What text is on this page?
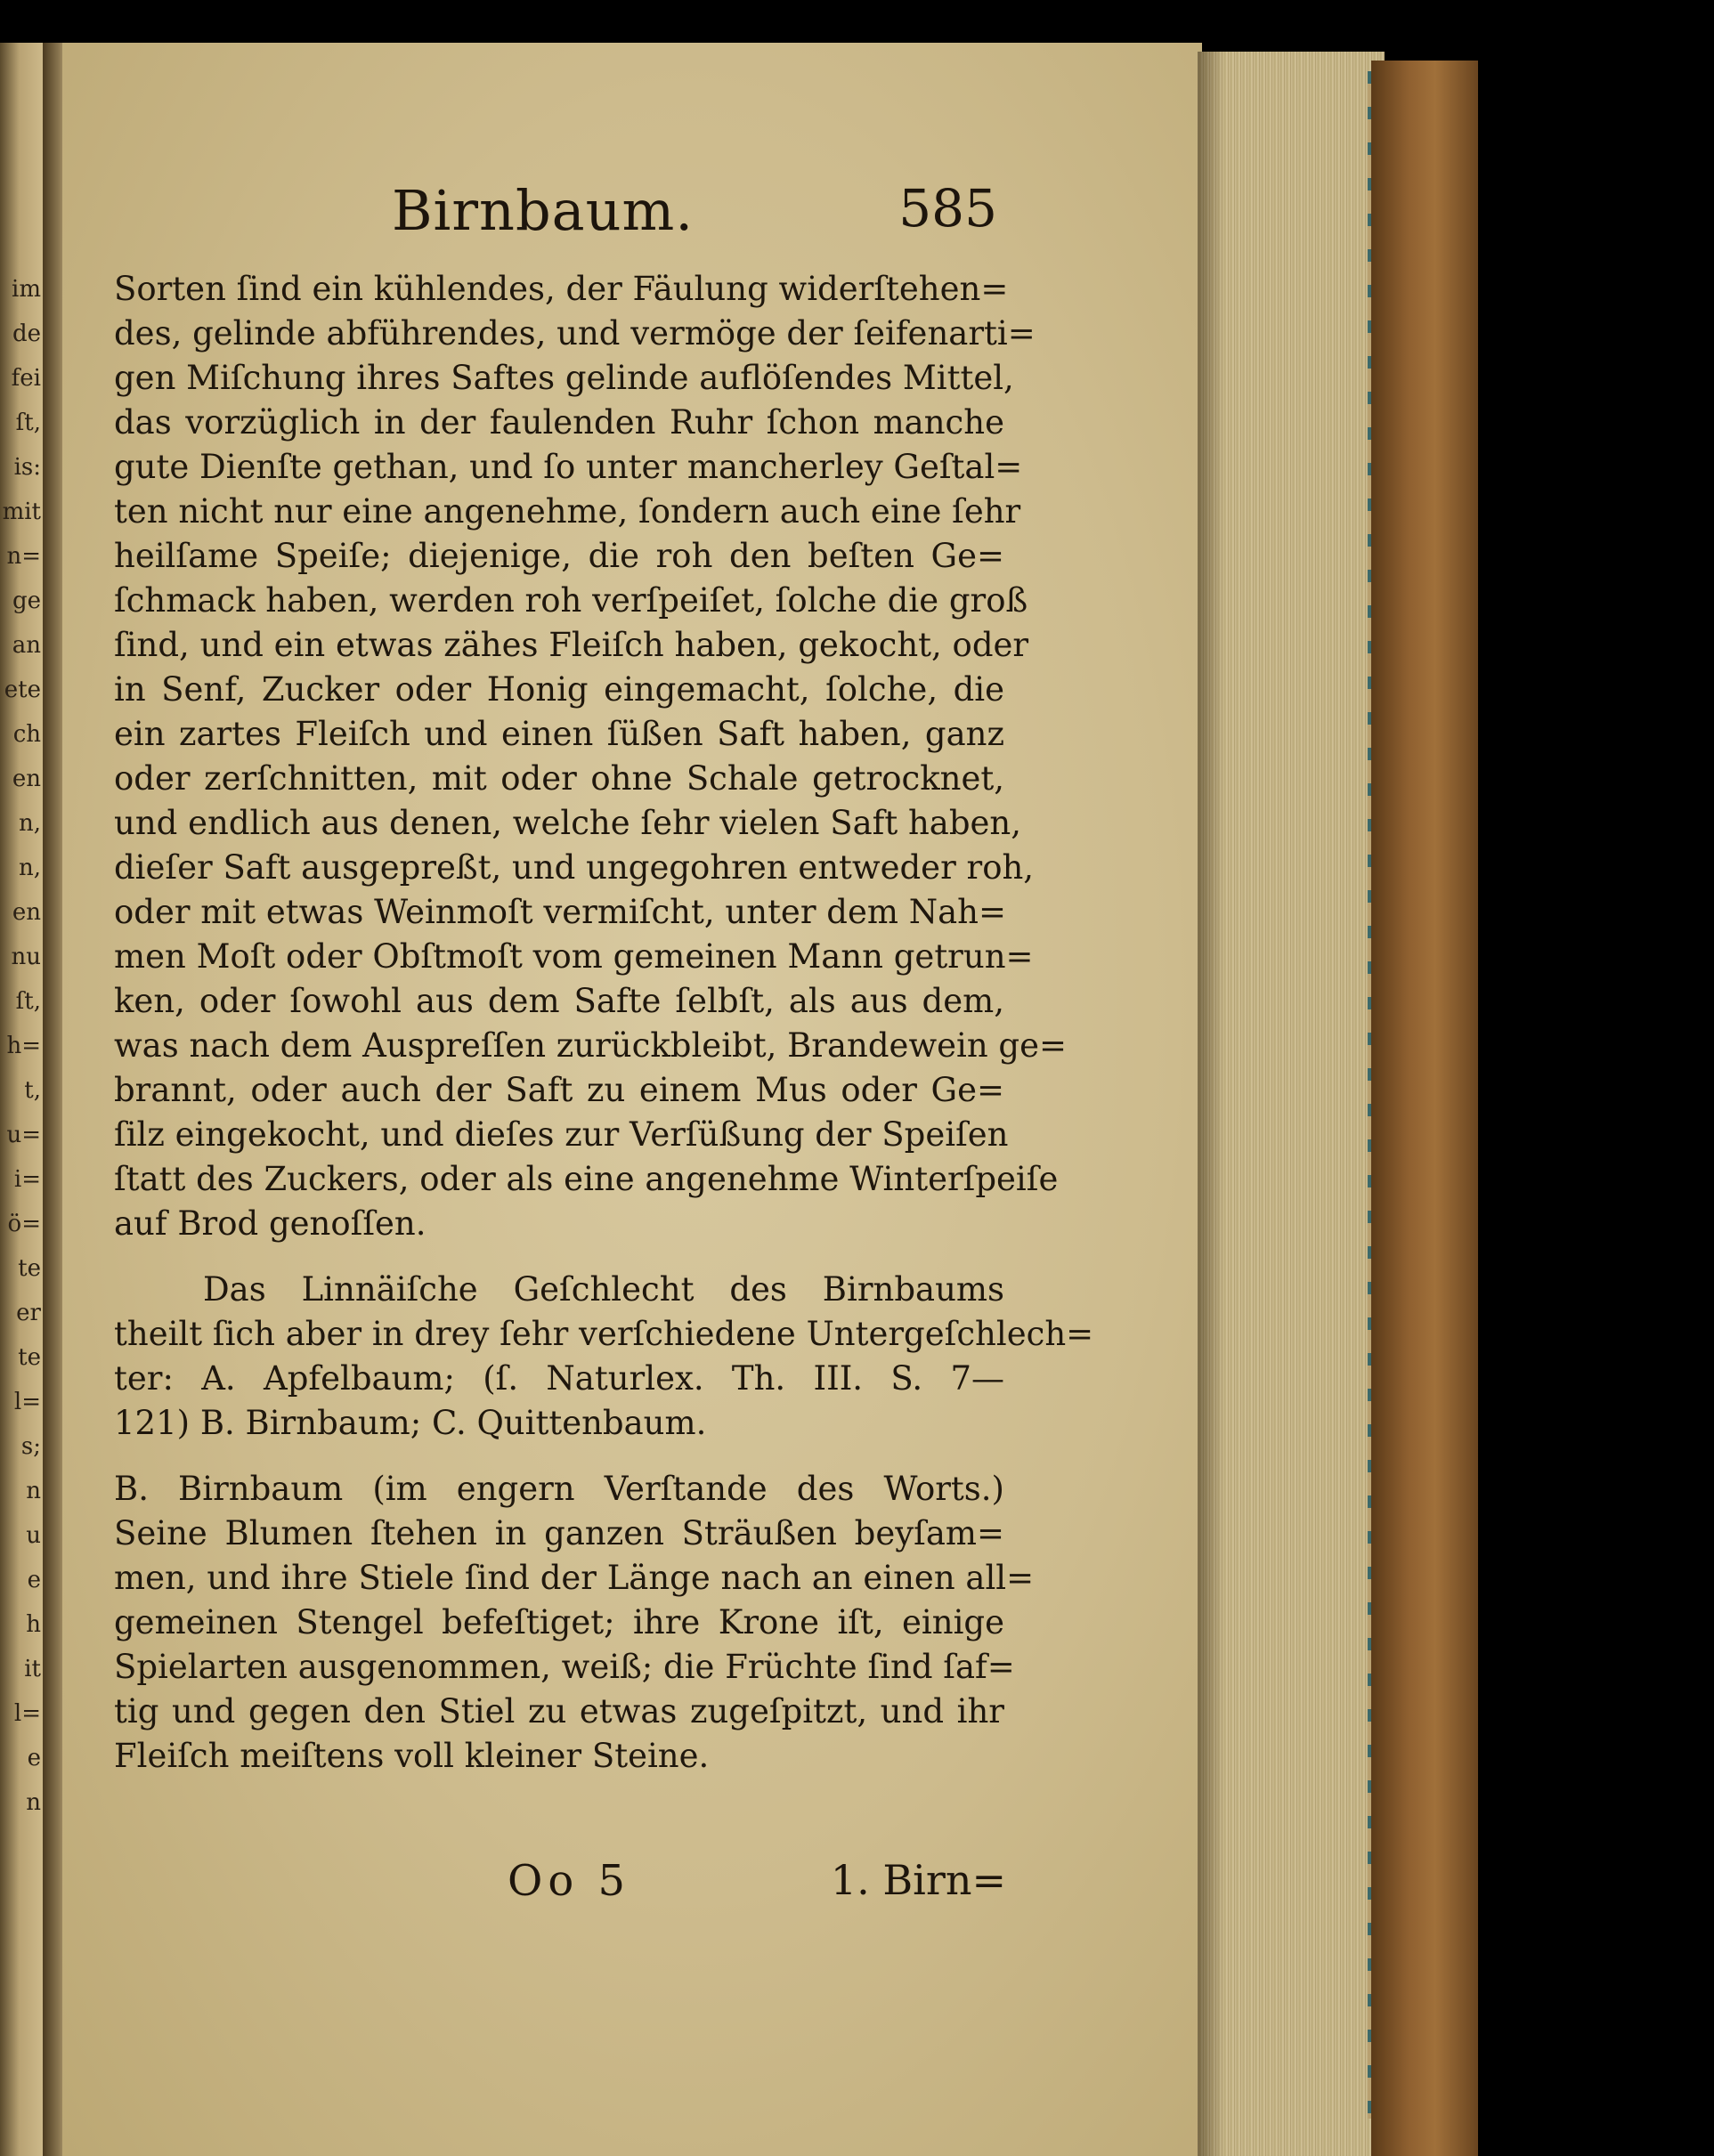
im
de
fei
ſt,
is:
mit
n=
ge
an
ete
ch
en
n,
n,
en
nu
ſt,
h=
t,
u=
i=
ö=
te
er
te
l=
s;
n
u
e
h
it
l=
e
n
Birnbaum.	585
Sorten ſind ein kühlendes, der Fäulung widerſtehen=
des, gelinde abführendes, und vermöge der ſeifenarti=
gen Miſchung ihres Saftes gelinde auflöſendes Mittel,
das vorzüglich in der faulenden Ruhr ſchon manche
gute Dienſte gethan, und ſo unter mancherley Geſtal=
ten nicht nur eine angenehme, ſondern auch eine ſehr
heilſame Speiſe; diejenige, die roh den beſten Ge=
ſchmack haben, werden roh verſpeiſet, ſolche die groß
ſind, und ein etwas zähes Fleiſch haben, gekocht, oder
in Senf, Zucker oder Honig eingemacht, ſolche, die
ein zartes Fleiſch und einen ſüßen Saft haben, ganz
oder zerſchnitten, mit oder ohne Schale getrocknet,
und endlich aus denen, welche ſehr vielen Saft haben,
dieſer Saft ausgepreßt, und ungegohren entweder roh,
oder mit etwas Weinmoſt vermiſcht, unter dem Nah=
men Moſt oder Obſtmoſt vom gemeinen Mann getrun=
ken, oder ſowohl aus dem Safte ſelbſt, als aus dem,
was nach dem Auspreſſen zurückbleibt, Brandewein ge=
brannt, oder auch der Saft zu einem Mus oder Ge=
ſilz eingekocht, und dieſes zur Verſüßung der Speiſen
ſtatt des Zuckers, oder als eine angenehme Winterſpeiſe
auf Brod genoſſen.
Das Linnäiſche Geſchlecht des Birnbaums
theilt ſich aber in drey ſehr verſchiedene Untergeſchlech=
ter: A. Apfelbaum; (ſ. Naturlex. Th. III. S. 7—
121) B. Birnbaum; C. Quittenbaum.
B. Birnbaum (im engern Verſtande des Worts.)
Seine Blumen ſtehen in ganzen Sträußen beyſam=
men, und ihre Stiele ſind der Länge nach an einen all=
gemeinen Stengel befeſtiget; ihre Krone iſt, einige
Spielarten ausgenommen, weiß; die Früchte ſind ſaf=
tig und gegen den Stiel zu etwas zugeſpitzt, und ihr
Fleiſch meiſtens voll kleiner Steine.
Oo 5	1. Birn=
